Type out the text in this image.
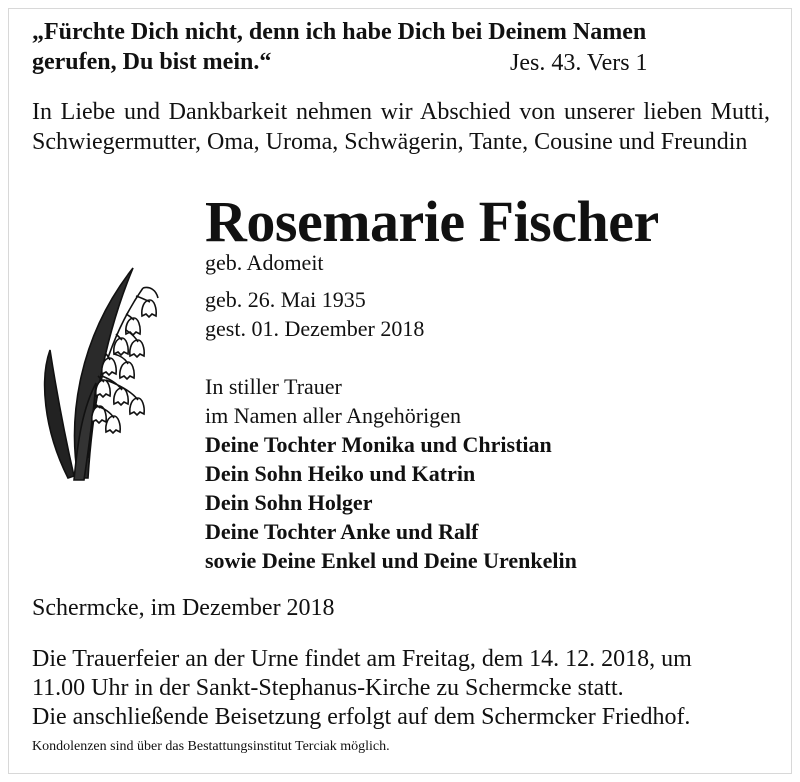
„Fürchte Dich nicht, denn ich habe Dich bei Deinem Namen
gerufen, Du bist mein.“	Jes. 43. Vers 1
In Liebe und Dankbarkeit nehmen wir Abschied von unserer lieben Mutti, Schwiegermutter, Oma, Uroma, Schwägerin, Tante, Cousine und Freundin
Rosemarie Fischer
geb. Adomeit
geb. 26. Mai 1935
gest. 01. Dezember 2018
In stiller Trauer
im Namen aller Angehörigen
Deine Tochter Monika und Christian
Dein Sohn Heiko und Katrin
Dein Sohn Holger
Deine Tochter Anke und Ralf
sowie Deine Enkel und Deine Urenkelin
Schermcke, im Dezember 2018
Die Trauerfeier an der Urne findet am Freitag, dem 14. 12. 2018, um
11.00 Uhr in der Sankt-Stephanus-Kirche zu Schermcke statt.
Die anschließende Beisetzung erfolgt auf dem Schermcker Friedhof.
Kondolenzen sind über das Bestattungsinstitut Terciak möglich.
